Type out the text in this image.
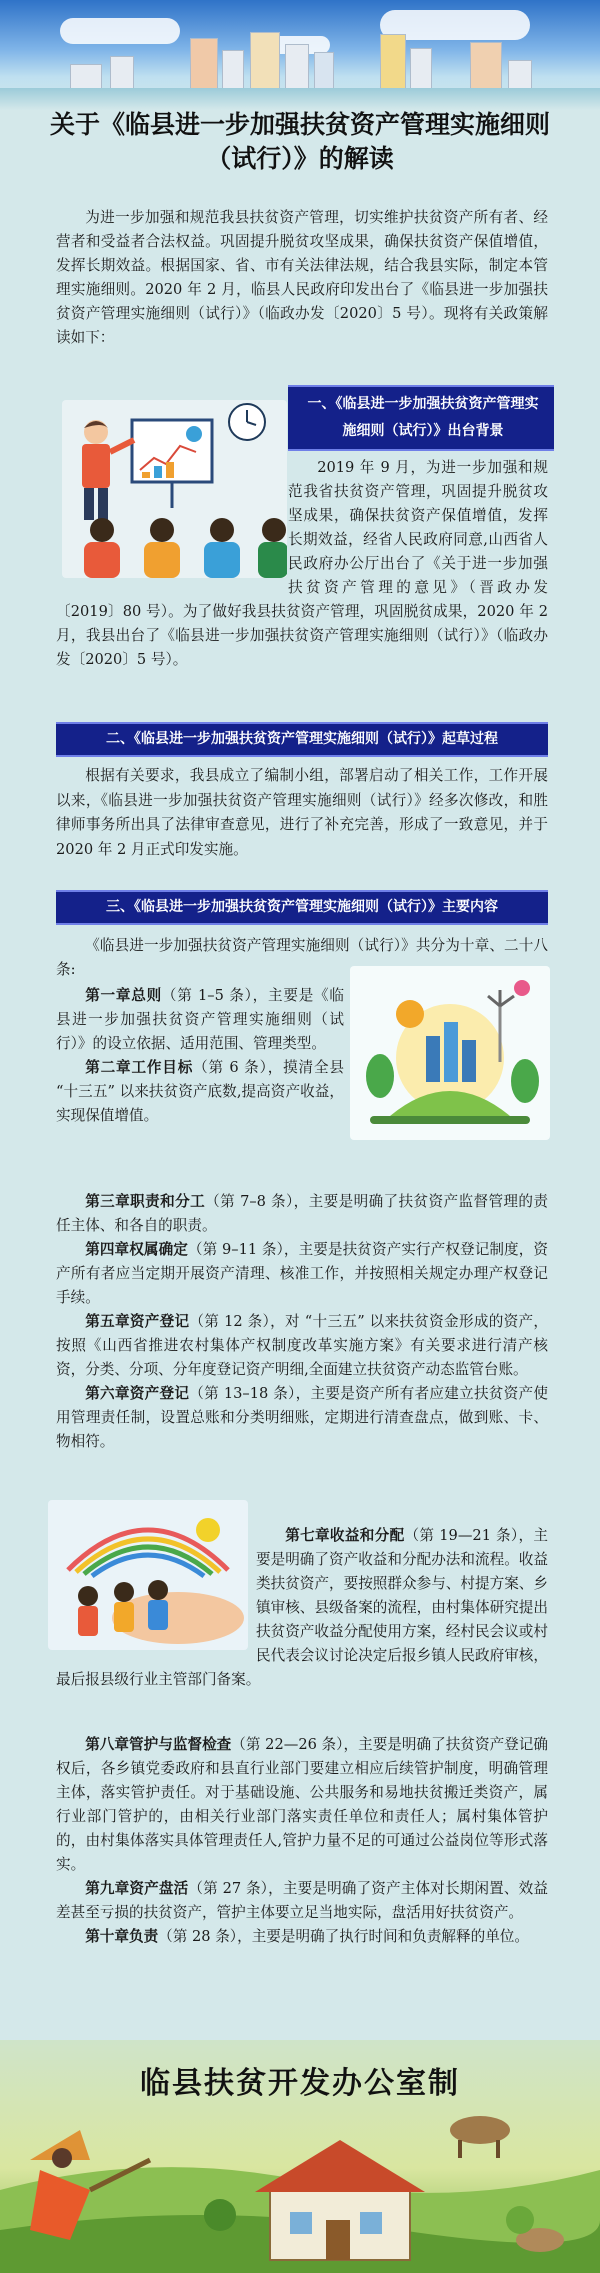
关于《临县进一步加强扶贫资产管理实施细则（试行）》的解读

为进一步加强和规范我县扶贫资产管理，切实维护扶贫资产所有者、经营者和受益者合法权益。巩固提升脱贫攻坚成果，确保扶贫资产保值增值，发挥长期效益。根据国家、省、市有关法律法规，结合我县实际，制定本管理实施细则。2020 年 2 月，临县人民政府印发出台了《临县进一步加强扶贫资产管理实施细则（试行）》（临政办发〔2020〕5 号）。现将有关政策解读如下：

一、《临县进一步加强扶贫资产管理实施细则（试行）》出台背景

2019 年 9 月，为进一步加强和规范我省扶贫资产管理，巩固提升脱贫攻坚成果，确保扶贫资产保值增值，发挥长期效益，经省人民政府同意,山西省人民政府办公厅出台了《关于进一步加强扶贫资产管理的意见》（晋政办发〔2019〕80 号）。为了做好我县扶贫资产管理，巩固脱贫成果，2020 年 2 月，我县出台了《临县进一步加强扶贫资产管理实施细则（试行）》（临政办发〔2020〕5 号）。

二、《临县进一步加强扶贫资产管理实施细则（试行）》起草过程

根据有关要求，我县成立了编制小组，部署启动了相关工作，工作开展以来，《临县进一步加强扶贫资产管理实施细则（试行）》经多次修改，和胜律师事务所出具了法律审查意见，进行了补充完善，形成了一致意见，并于 2020 年 2 月正式印发实施。

三、《临县进一步加强扶贫资产管理实施细则（试行）》主要内容

《临县进一步加强扶贫资产管理实施细则（试行）》共分为十章、二十八条:

第一章总则（第 1–5 条），主要是《临县进一步加强扶贫资产管理实施细则（试行）》的设立依据、适用范围、管理类型。

第二章工作目标（第 6 条），摸清全县 “十三五” 以来扶贫资产底数,提高资产收益，实现保值增值。

第三章职责和分工（第 7–8 条），主要是明确了扶贫资产监督管理的责任主体、和各自的职责。

第四章权属确定（第 9–11 条），主要是扶贫资产实行产权登记制度，资产所有者应当定期开展资产清理、核准工作，并按照相关规定办理产权登记手续。

第五章资产登记（第 12 条），对 “十三五” 以来扶贫资金形成的资产，按照《山西省推进农村集体产权制度改革实施方案》有关要求进行清产核资，分类、分项、分年度登记资产明细,全面建立扶贫资产动态监管台账。

第六章资产登记（第 13–18 条），主要是资产所有者应建立扶贫资产使用管理责任制，设置总账和分类明细账，定期进行清查盘点，做到账、卡、物相符。

第七章收益和分配（第 19—21 条），主要是明确了资产收益和分配办法和流程。收益类扶贫资产，要按照群众参与、村提方案、乡镇审核、县级备案的流程，由村集体研究提出扶贫资产收益分配使用方案，经村民会议或村民代表会议讨论决定后报乡镇人民政府审核，最后报县级行业主管部门备案。

第八章管护与监督检查（第 22—26 条），主要是明确了扶贫资产登记确权后，各乡镇党委政府和县直行业部门要建立相应后续管护制度，明确管理主体，落实管护责任。对于基础设施、公共服务和易地扶贫搬迁类资产，属行业部门管护的，由相关行业部门落实责任单位和责任人；属村集体管护的，由村集体落实具体管理责任人,管护力量不足的可通过公益岗位等形式落实。

第九章资产盘活（第 27 条），主要是明确了资产主体对长期闲置、效益差甚至亏损的扶贫资产，管护主体要立足当地实际，盘活用好扶贫资产。

第十章负责（第 28 条），主要是明确了执行时间和负责解释的单位。

临县扶贫开发办公室制
